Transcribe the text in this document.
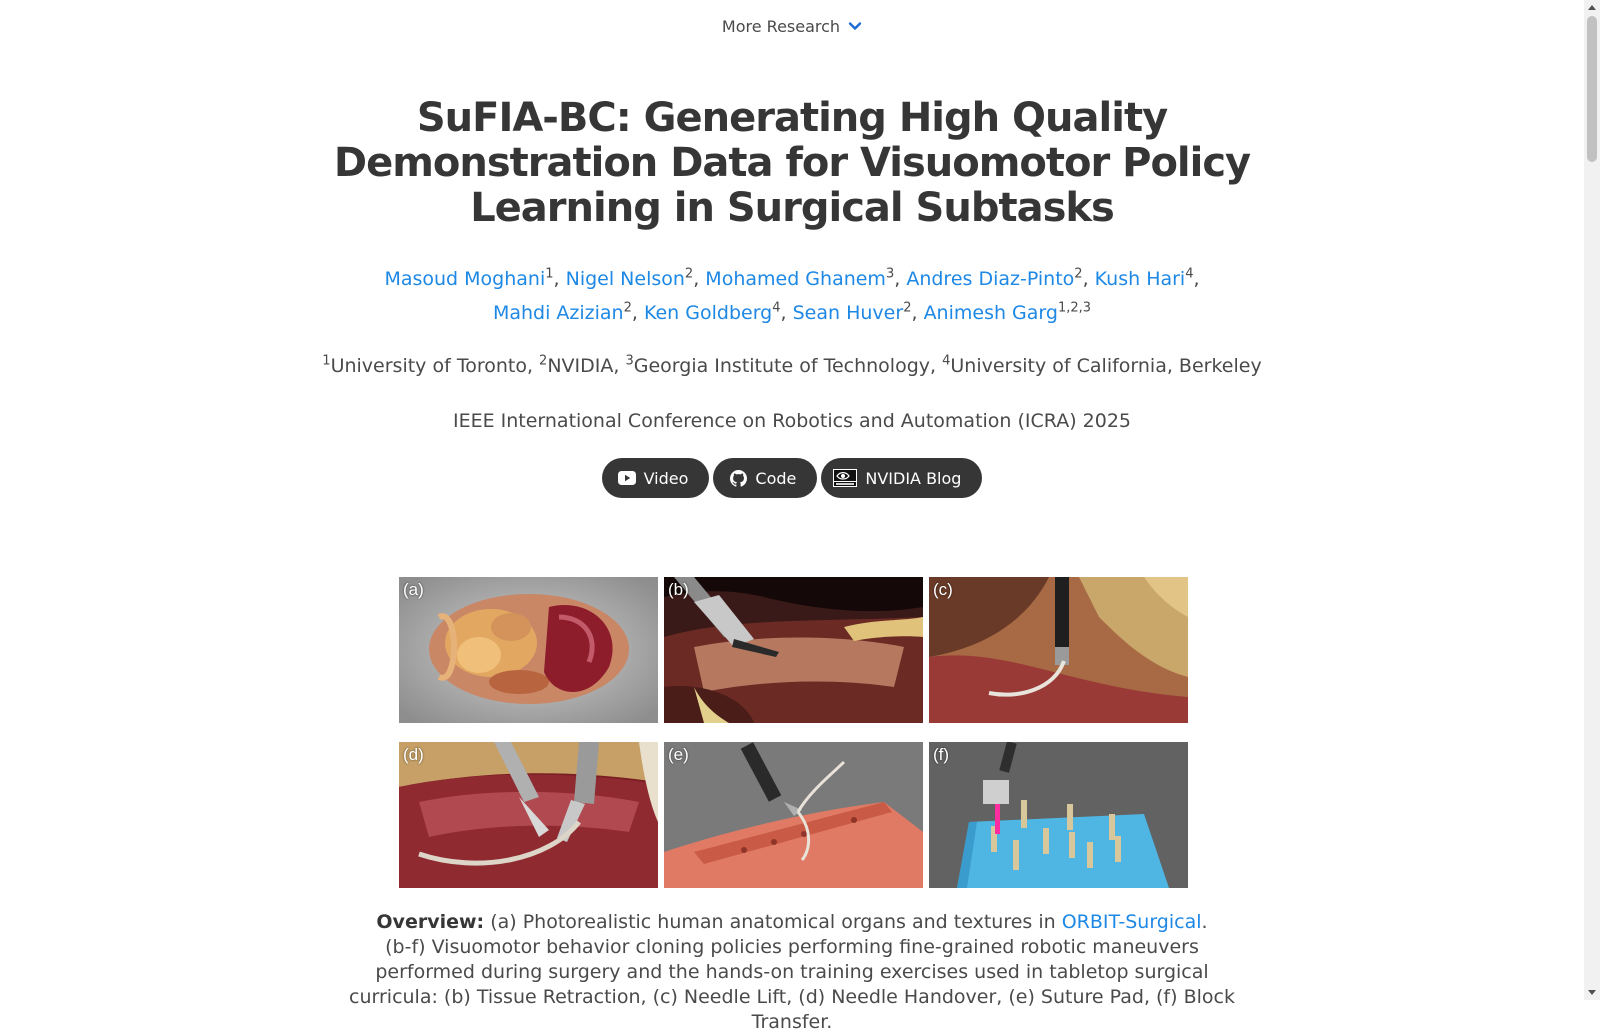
More Research
SuFIA-BC: Generating High Quality Demonstration Data for Visuomotor Policy Learning in Surgical Subtasks
Masoud Moghani$^1$, Nigel Nelson$^2$, Mohamed Ghanem$^3$, Andres Diaz-Pinto$^2$, Kush Hari$^4$,
Mahdi Azizian$^2$, Ken Goldberg$^4$, Sean Huver$^2$, Animesh Garg$^{1,2,3}$
$^1$University of Toronto, $^2$NVIDIA, $^3$Georgia Institute of Technology, $^4$University of California, Berkeley
IEEE International Conference on Robotics and Automation (ICRA) 2025
Video	Code	NVIDIA Blog
(a)	(b)	(c)
(d)	(e)	(f)
Overview: (a) Photorealistic human anatomical organs and textures in ORBIT-Surgical.
(b-f) Visuomotor behavior cloning policies performing fine-grained robotic maneuvers performed during surgery and the hands-on training exercises used in tabletop surgical curricula: (b) Tissue Retraction, (c) Needle Lift, (d) Needle Handover, (e) Suture Pad, (f) Block Transfer.
